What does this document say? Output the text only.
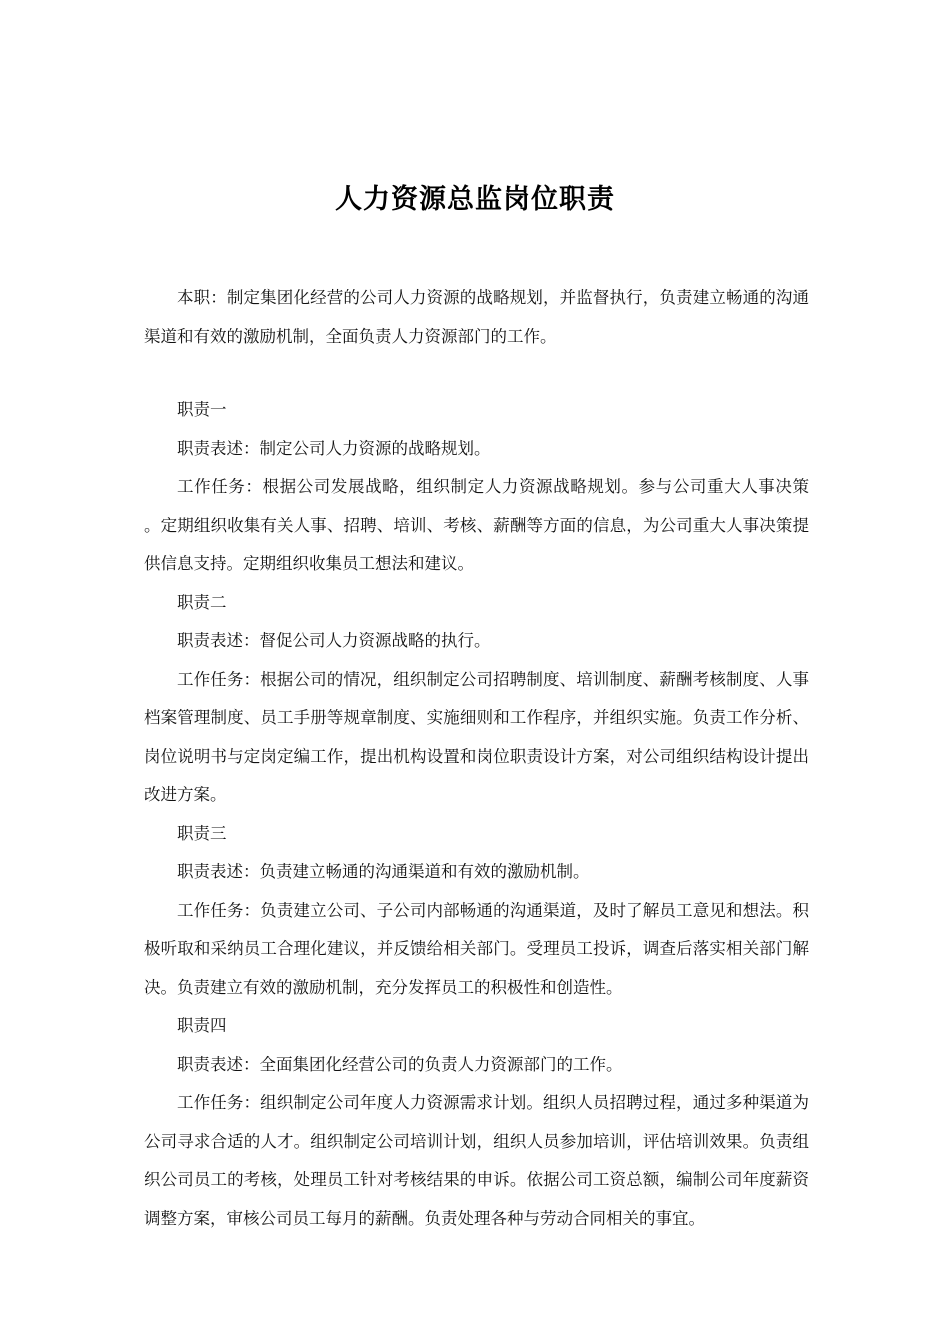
人力资源总监岗位职责

本职：制定集团化经营的公司人力资源的战略规划，并监督执行，负责建立畅通的沟通渠道和有效的激励机制，全面负责人力资源部门的工作。

职责一

职责表述：制定公司人力资源的战略规划。

工作任务：根据公司发展战略，组织制定人力资源战略规划。参与公司重大人事决策 。定期组织收集有关人事、招聘、培训、考核、薪酬等方面的信息，为公司重大人事决策提供信息支持。定期组织收集员工想法和建议。

职责二

职责表述：督促公司人力资源战略的执行。

工作任务：根据公司的情况，组织制定公司招聘制度、培训制度、薪酬考核制度、人事档案管理制度、员工手册等规章制度、实施细则和工作程序，并组织实施。负责工作分析、岗位说明书与定岗定编工作，提出机构设置和岗位职责设计方案，对公司组织结构设计提出改进方案。

职责三

职责表述：负责建立畅通的沟通渠道和有效的激励机制。

工作任务：负责建立公司、子公司内部畅通的沟通渠道，及时了解员工意见和想法。积极听取和采纳员工合理化建议，并反馈给相关部门。受理员工投诉，调查后落实相关部门解决。负责建立有效的激励机制，充分发挥员工的积极性和创造性。

职责四

职责表述：全面集团化经营公司的负责人力资源部门的工作。

工作任务：组织制定公司年度人力资源需求计划。组织人员招聘过程，通过多种渠道为公司寻求合适的人才。组织制定公司培训计划，组织人员参加培训，评估培训效果。负责组织公司员工的考核，处理员工针对考核结果的申诉。依据公司工资总额，编制公司年度薪资调整方案，审核公司员工每月的薪酬。负责处理各种与劳动合同相关的事宜。
